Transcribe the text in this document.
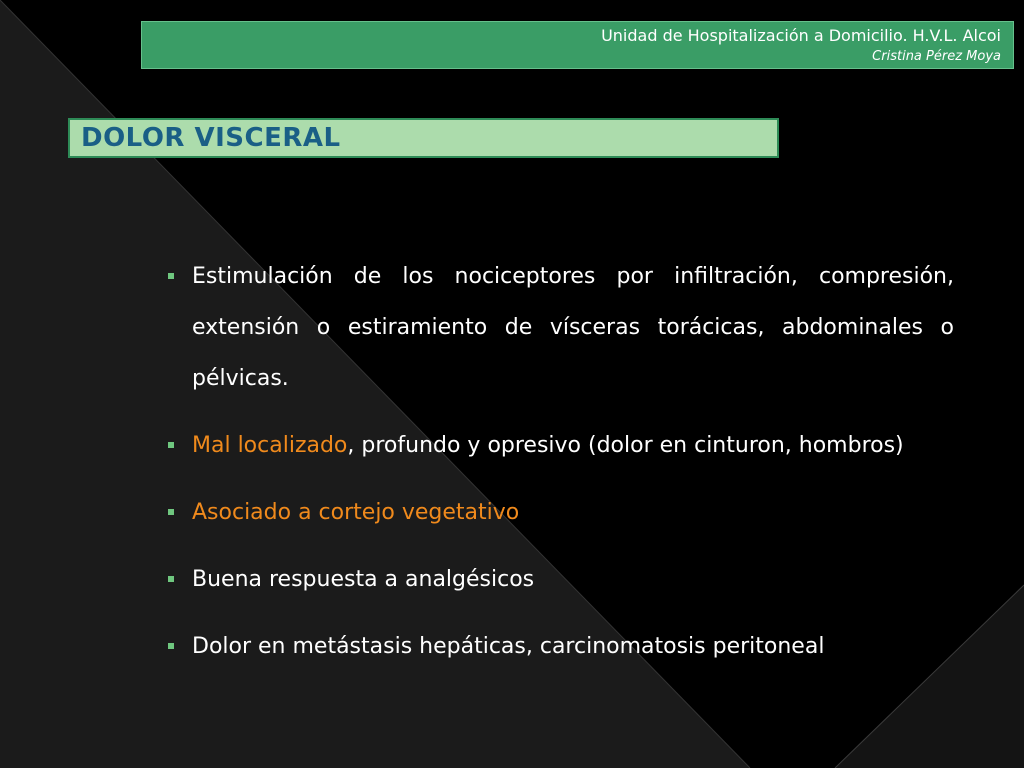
Unidad de Hospitalización a Domicilio. H.V.L. Alcoi
Cristina Pérez Moya
DOLOR VISCERAL
Estimulación de los nociceptores por infiltración, compresión, extensión o estiramiento de vísceras torácicas, abdominales o pélvicas.
Mal localizado, profundo y opresivo (dolor en cinturon, hombros)
Asociado a cortejo vegetativo
Buena respuesta a analgésicos
Dolor en metástasis hepáticas, carcinomatosis peritoneal
